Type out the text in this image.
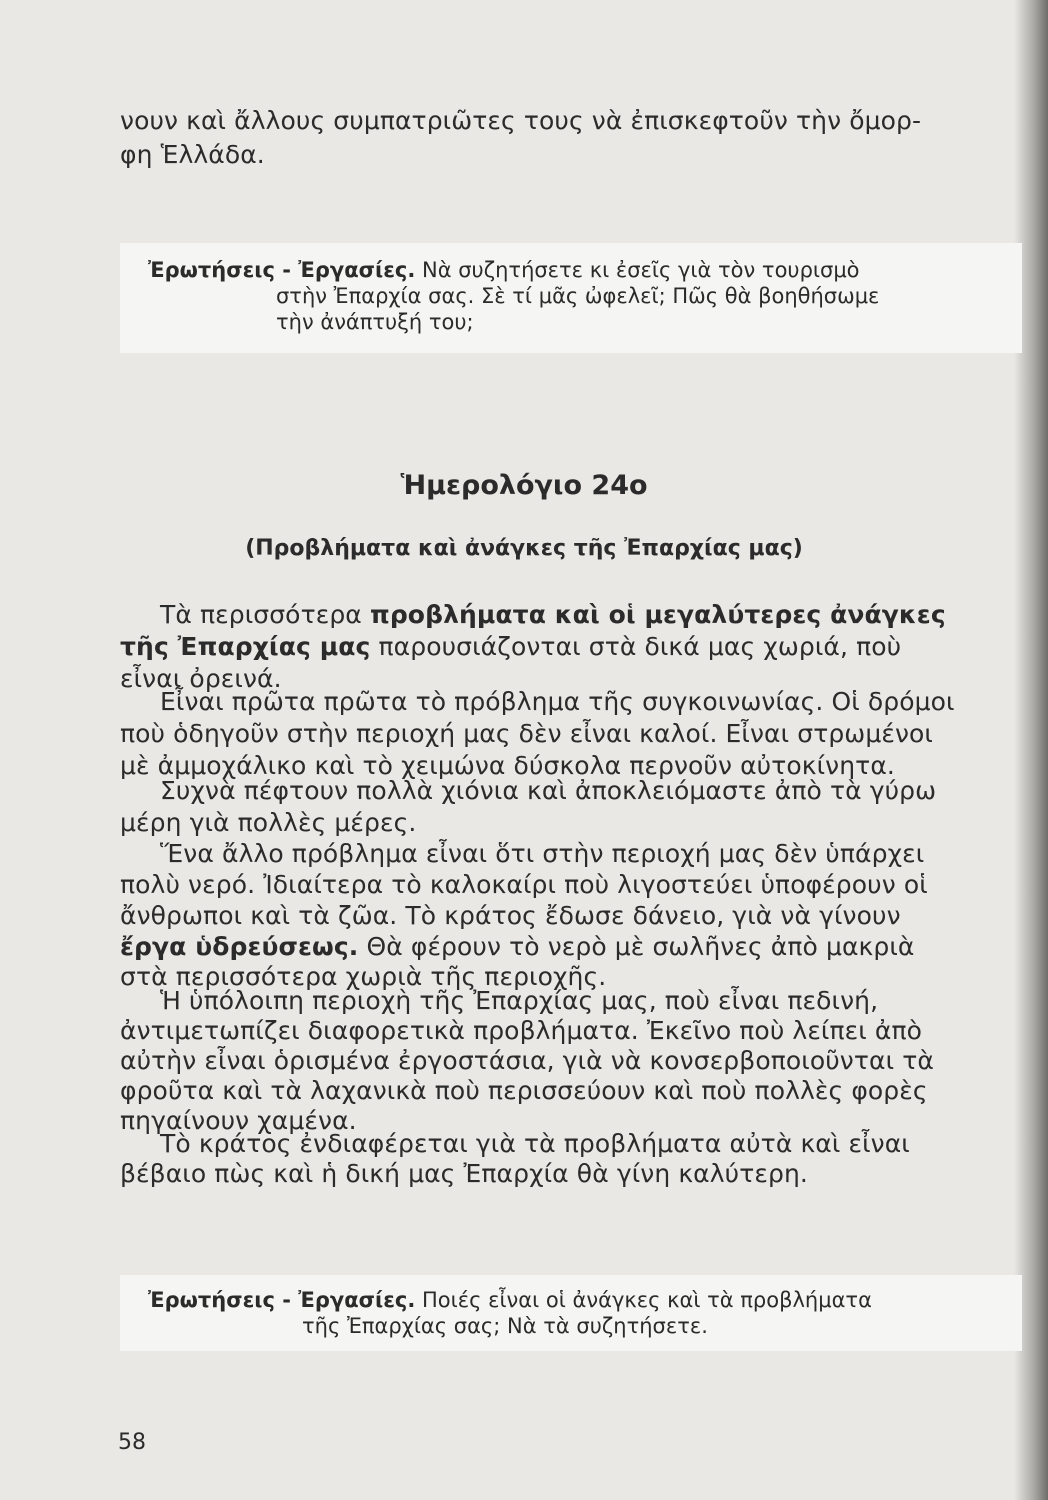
νουν καὶ ἄλλους συμπατριῶτες τους νὰ ἐπισκεφτοῦν τὴν ὄμορ-
φη Ἑλλάδα.
Ἐρωτήσεις - Ἐργασίες. Νὰ συζητήσετε κι ἐσεῖς γιὰ τὸν τουρισμὸ
στὴν Ἐπαρχία σας. Σὲ τί μᾶς ὠφελεῖ; Πῶς θὰ βοηθήσωμε
τὴν ἀνάπτυξή του;
Ἡμερολόγιο 24ο
(Προβλήματα καὶ ἀνάγκες τῆς Ἐπαρχίας μας)
Τὰ περισσότερα προβλήματα καὶ οἱ μεγαλύτερες ἀνάγκες
τῆς Ἐπαρχίας μας παρουσιάζονται στὰ δικά μας χωριά, ποὺ
εἶναι ὀρεινά.
Εἶναι πρῶτα πρῶτα τὸ πρόβλημα τῆς συγκοινωνίας. Οἱ δρόμοι
ποὺ ὁδηγοῦν στὴν περιοχή μας δὲν εἶναι καλοί. Εἶναι στρωμένοι
μὲ ἀμμοχάλικο καὶ τὸ χειμώνα δύσκολα περνοῦν αὐτοκίνητα.
Συχνὰ πέφτουν πολλὰ χιόνια καὶ ἀποκλειόμαστε ἀπὸ τὰ γύρω
μέρη γιὰ πολλὲς μέρες.
Ἕνα ἄλλο πρόβλημα εἶναι ὅτι στὴν περιοχή μας δὲν ὑπάρχει
πολὺ νερό. Ἰδιαίτερα τὸ καλοκαίρι ποὺ λιγοστεύει ὑποφέρουν οἱ
ἄνθρωποι καὶ τὰ ζῶα. Τὸ κράτος ἔδωσε δάνειο, γιὰ νὰ γίνουν
ἔργα ὑδρεύσεως. Θὰ φέρουν τὸ νερὸ μὲ σωλῆνες ἀπὸ μακριὰ
στὰ περισσότερα χωριὰ τῆς περιοχῆς.
Ἡ ὑπόλοιπη περιοχὴ τῆς Ἐπαρχίας μας, ποὺ εἶναι πεδινή,
ἀντιμετωπίζει διαφορετικὰ προβλήματα. Ἐκεῖνο ποὺ λείπει ἀπὸ
αὐτὴν εἶναι ὁρισμένα ἐργοστάσια, γιὰ νὰ κονσερβοποιοῦνται τὰ
φροῦτα καὶ τὰ λαχανικὰ ποὺ περισσεύουν καὶ ποὺ πολλὲς φορὲς
πηγαίνουν χαμένα.
Τὸ κράτος ἐνδιαφέρεται γιὰ τὰ προβλήματα αὐτὰ καὶ εἶναι
βέβαιο πὼς καὶ ἡ δική μας Ἐπαρχία θὰ γίνη καλύτερη.
Ἐρωτήσεις - Ἐργασίες. Ποιές εἶναι οἱ ἀνάγκες καὶ τὰ προβλήματα
τῆς Ἐπαρχίας σας; Νὰ τὰ συζητήσετε.
58
